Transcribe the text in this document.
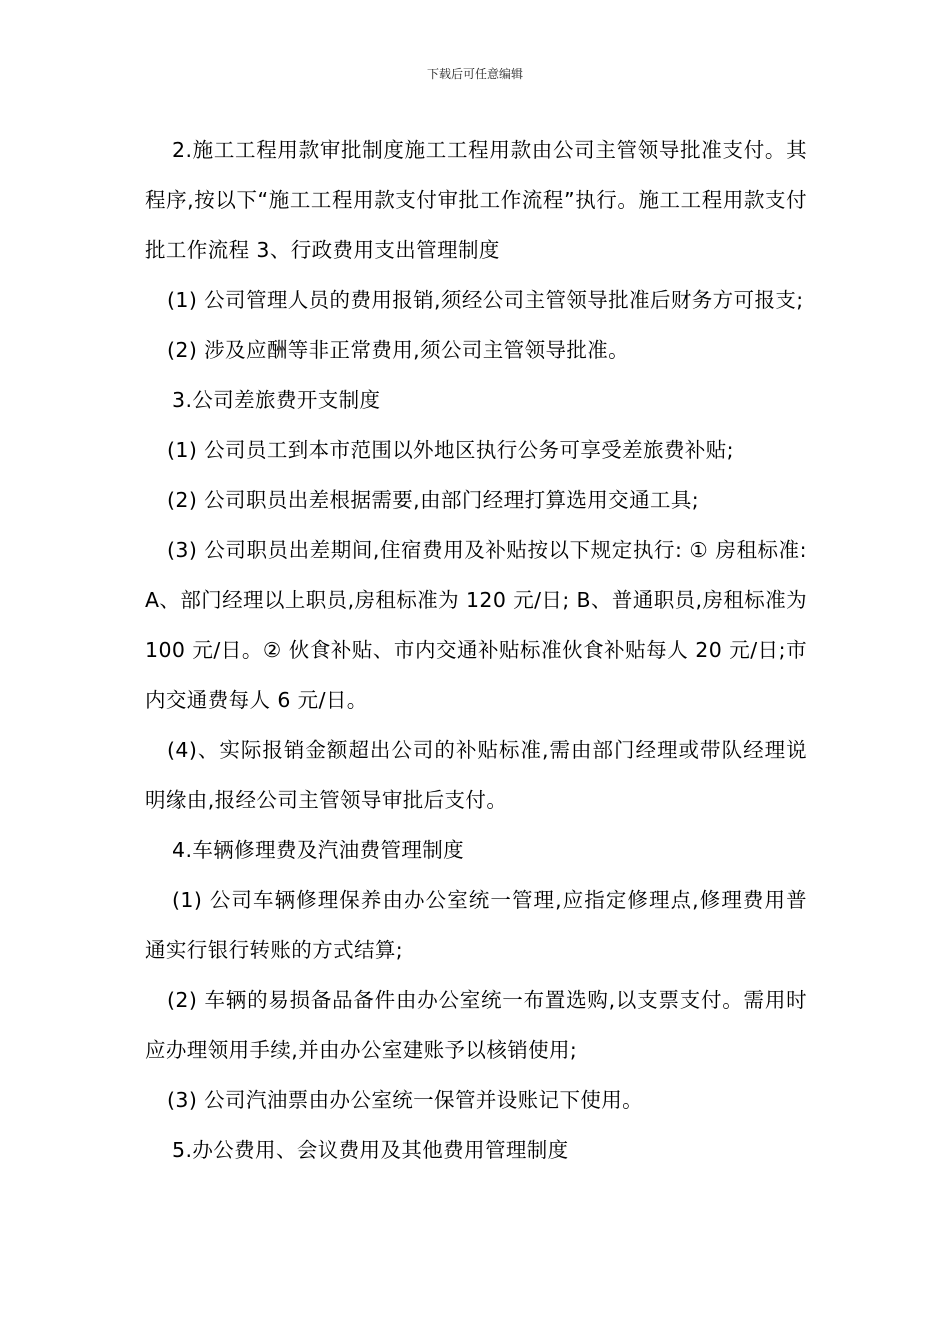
下载后可任意编辑

2.施工工程用款审批制度施工工程用款由公司主管领导批准支付。其程序,按以下“施工工程用款支付审批工作流程”执行。施工工程用款支付批工作流程 3、行政费用支出管理制度

(1) 公司管理人员的费用报销,须经公司主管领导批准后财务方可报支;

(2) 涉及应酬等非正常费用,须公司主管领导批准。

3.公司差旅费开支制度

(1) 公司员工到本市范围以外地区执行公务可享受差旅费补贴;

(2) 公司职员出差根据需要,由部门经理打算选用交通工具;

(3) 公司职员出差期间,住宿费用及补贴按以下规定执行: ① 房租标准: A、部门经理以上职员,房租标准为 120 元/日; B、普通职员,房租标准为 100 元/日。② 伙食补贴、市内交通补贴标准伙食补贴每人 20 元/日;市内交通费每人 6 元/日。

(4)、实际报销金额超出公司的补贴标准,需由部门经理或带队经理说明缘由,报经公司主管领导审批后支付。

4.车辆修理费及汽油费管理制度

(1) 公司车辆修理保养由办公室统一管理,应指定修理点,修理费用普通实行银行转账的方式结算;

(2) 车辆的易损备品备件由办公室统一布置选购,以支票支付。需用时应办理领用手续,并由办公室建账予以核销使用;

(3) 公司汽油票由办公室统一保管并设账记下使用。

5.办公费用、会议费用及其他费用管理制度
